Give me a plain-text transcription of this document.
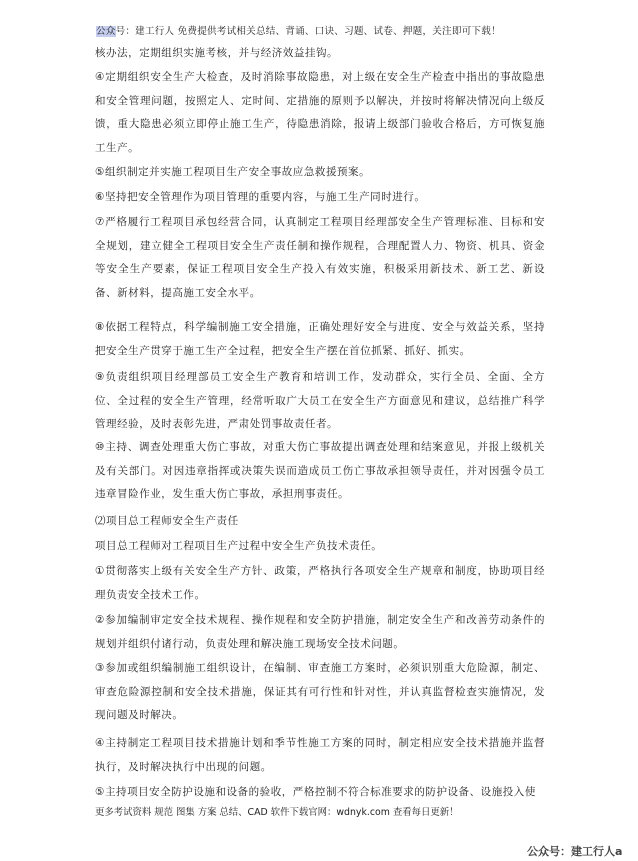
公众号：建工行人 免费提供考试相关总结、背诵、口诀、习题、试卷、押题，关注即可下载！

核办法，定期组织实施考核，并与经济效益挂钩。

④定期组织安全生产大检查，及时消除事故隐患，对上级在安全生产检查中指出的事故隐患和安全管理问题，按照定人、定时间、定措施的原则予以解决，并按时将解决情况向上级反馈，重大隐患必须立即停止施工生产，待隐患消除，报请上级部门验收合格后，方可恢复施工生产。

⑤组织制定并实施工程项目生产安全事故应急救援预案。

⑥坚持把安全管理作为项目管理的重要内容，与施工生产同时进行。

⑦严格履行工程项目承包经营合同，认真制定工程项目经理部安全生产管理标准、目标和安全规划，建立健全工程项目安全生产责任制和操作规程，合理配置人力、物资、机具、资金等安全生产要素，保证工程项目安全生产投入有效实施，积极采用新技术、新工艺、新设备、新材料，提高施工安全水平。

⑧依据工程特点，科学编制施工安全措施，正确处理好安全与进度、安全与效益关系，坚持把安全生产贯穿于施工生产全过程，把安全生产摆在首位抓紧、抓好、抓实。

⑨负责组织项目经理部员工安全生产教育和培训工作，发动群众，实行全员、全面、全方位、全过程的安全生产管理，经常听取广大员工在安全生产方面意见和建议，总结推广科学管理经验，及时表彰先进，严肃处罚事故责任者。

⑩主持、调查处理重大伤亡事故，对重大伤亡事故提出调查处理和结案意见，并报上级机关及有关部门。对因违章指挥或决策失误而造成员工伤亡事故承担领导责任，并对因强令员工违章冒险作业，发生重大伤亡事故，承担刑事责任。

⑵项目总工程师安全生产责任

项目总工程师对工程项目生产过程中安全生产负技术责任。

①贯彻落实上级有关安全生产方针、政策，严格执行各项安全生产规章和制度，协助项目经理负责安全技术工作。

②参加编制审定安全技术规程、操作规程和安全防护措施，制定安全生产和改善劳动条件的规划并组织付诸行动，负责处理和解决施工现场安全技术问题。

③参加或组织编制施工组织设计，在编制、审查施工方案时，必须识别重大危险源，制定、审查危险源控制和安全技术措施，保证其有可行性和针对性，并认真监督检查实施情况，发现问题及时解决。

④主持制定工程项目技术措施计划和季节性施工方案的同时，制定相应安全技术措施并监督执行，及时解决执行中出现的问题。

⑤主持项目安全防护设施和设备的验收，严格控制不符合标准要求的防护设备、设施投入使

更多考试资料 规范 图集 方案 总结、CAD 软件下载官网：wdnyk.com 查看每日更新！
公众号：建工行人a
